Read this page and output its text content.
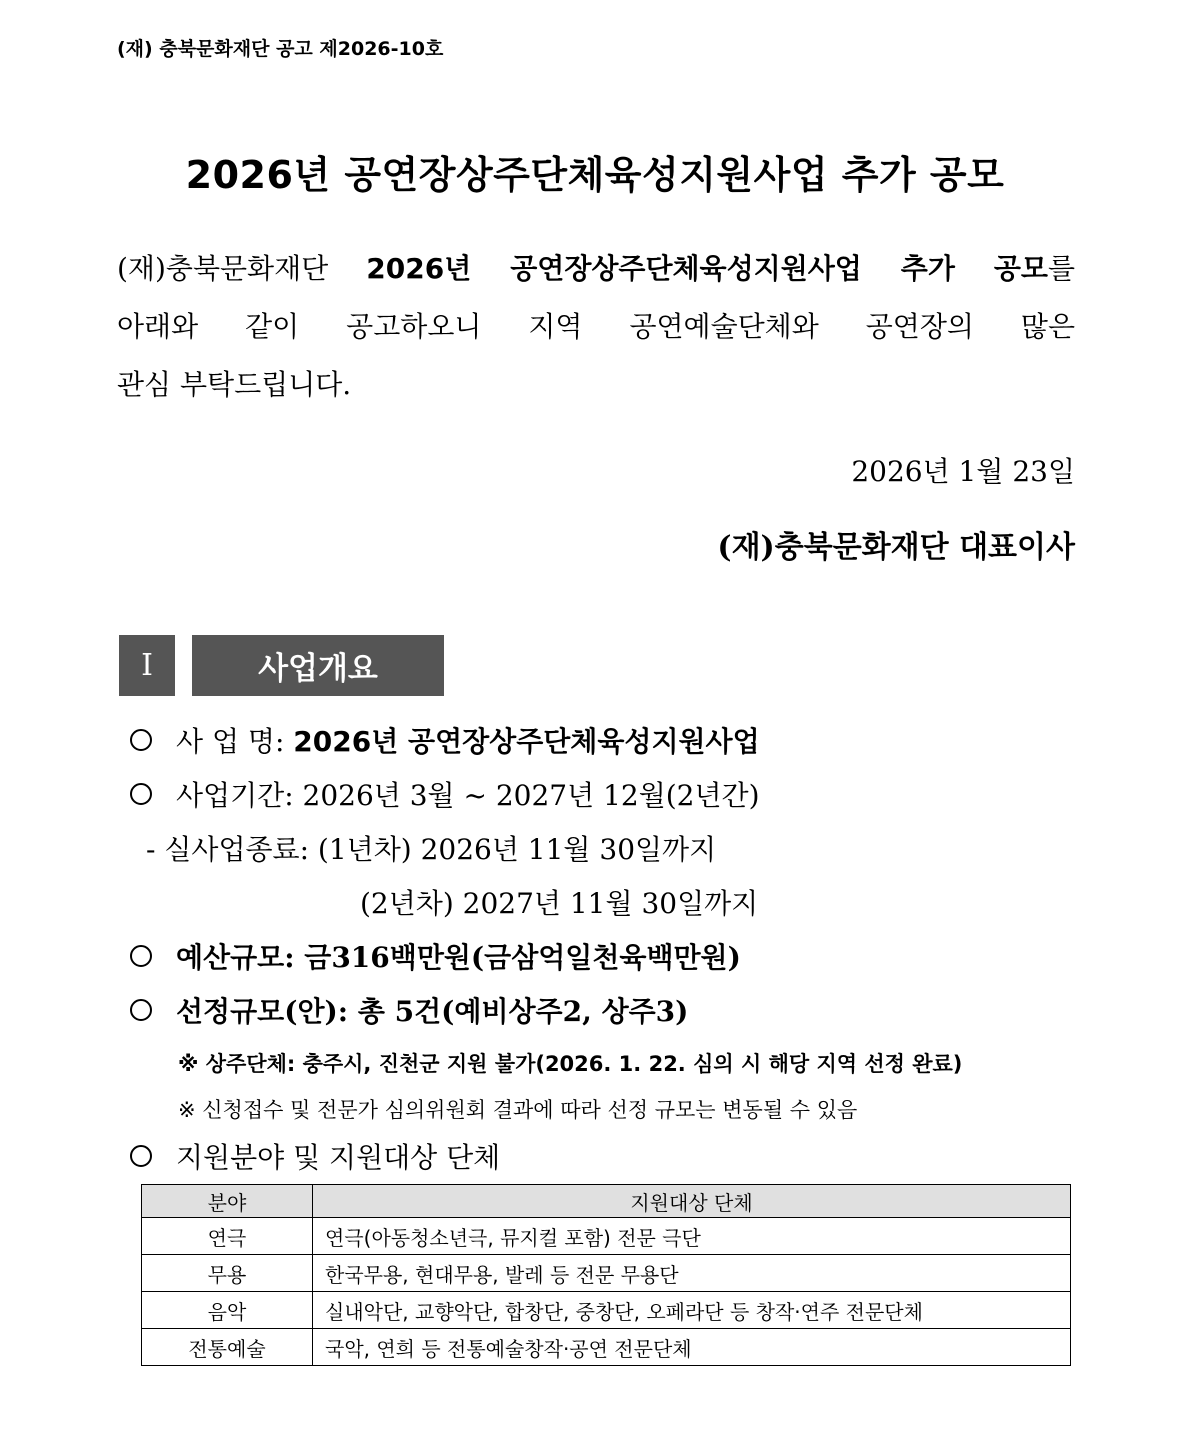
(재) 충북문화재단 공고 제2026-10호
2026년 공연장상주단체육성지원사업 추가 공모
(재)충북문화재단 2026년 공연장상주단체육성지원사업 추가 공모를
아래와 같이 공고하오니 지역 공연예술단체와 공연장의 많은
관심 부탁드립니다.
2026년 1월 23일
(재)충북문화재단 대표이사
Ⅰ	사업개요
사 업 명:
2026년 공연장상주단체육성지원사업
사업기간: 2026년 3월 ~ 2027년 12월(2년간)
- 실사업종료: (1년차) 2026년 11월 30일까지
(2년차) 2027년 11월 30일까지
예산규모: 금316백만원(금삼억일천육백만원)
선정규모(안): 총 5건(예비상주2, 상주3)
※ 상주단체: 충주시, 진천군 지원 불가(2026. 1. 22. 심의 시 해당 지역 선정 완료)
※ 신청접수 및 전문가 심의위원회 결과에 따라 선정 규모는 변동될 수 있음
지원분야 및 지원대상 단체
분야	지원대상 단체
연극	연극(아동청소년극, 뮤지컬 포함) 전문 극단
무용	한국무용, 현대무용, 발레 등 전문 무용단
음악	실내악단, 교향악단, 합창단, 중창단, 오페라단 등 창작·연주 전문단체
전통예술	국악, 연희 등 전통예술창작·공연 전문단체
